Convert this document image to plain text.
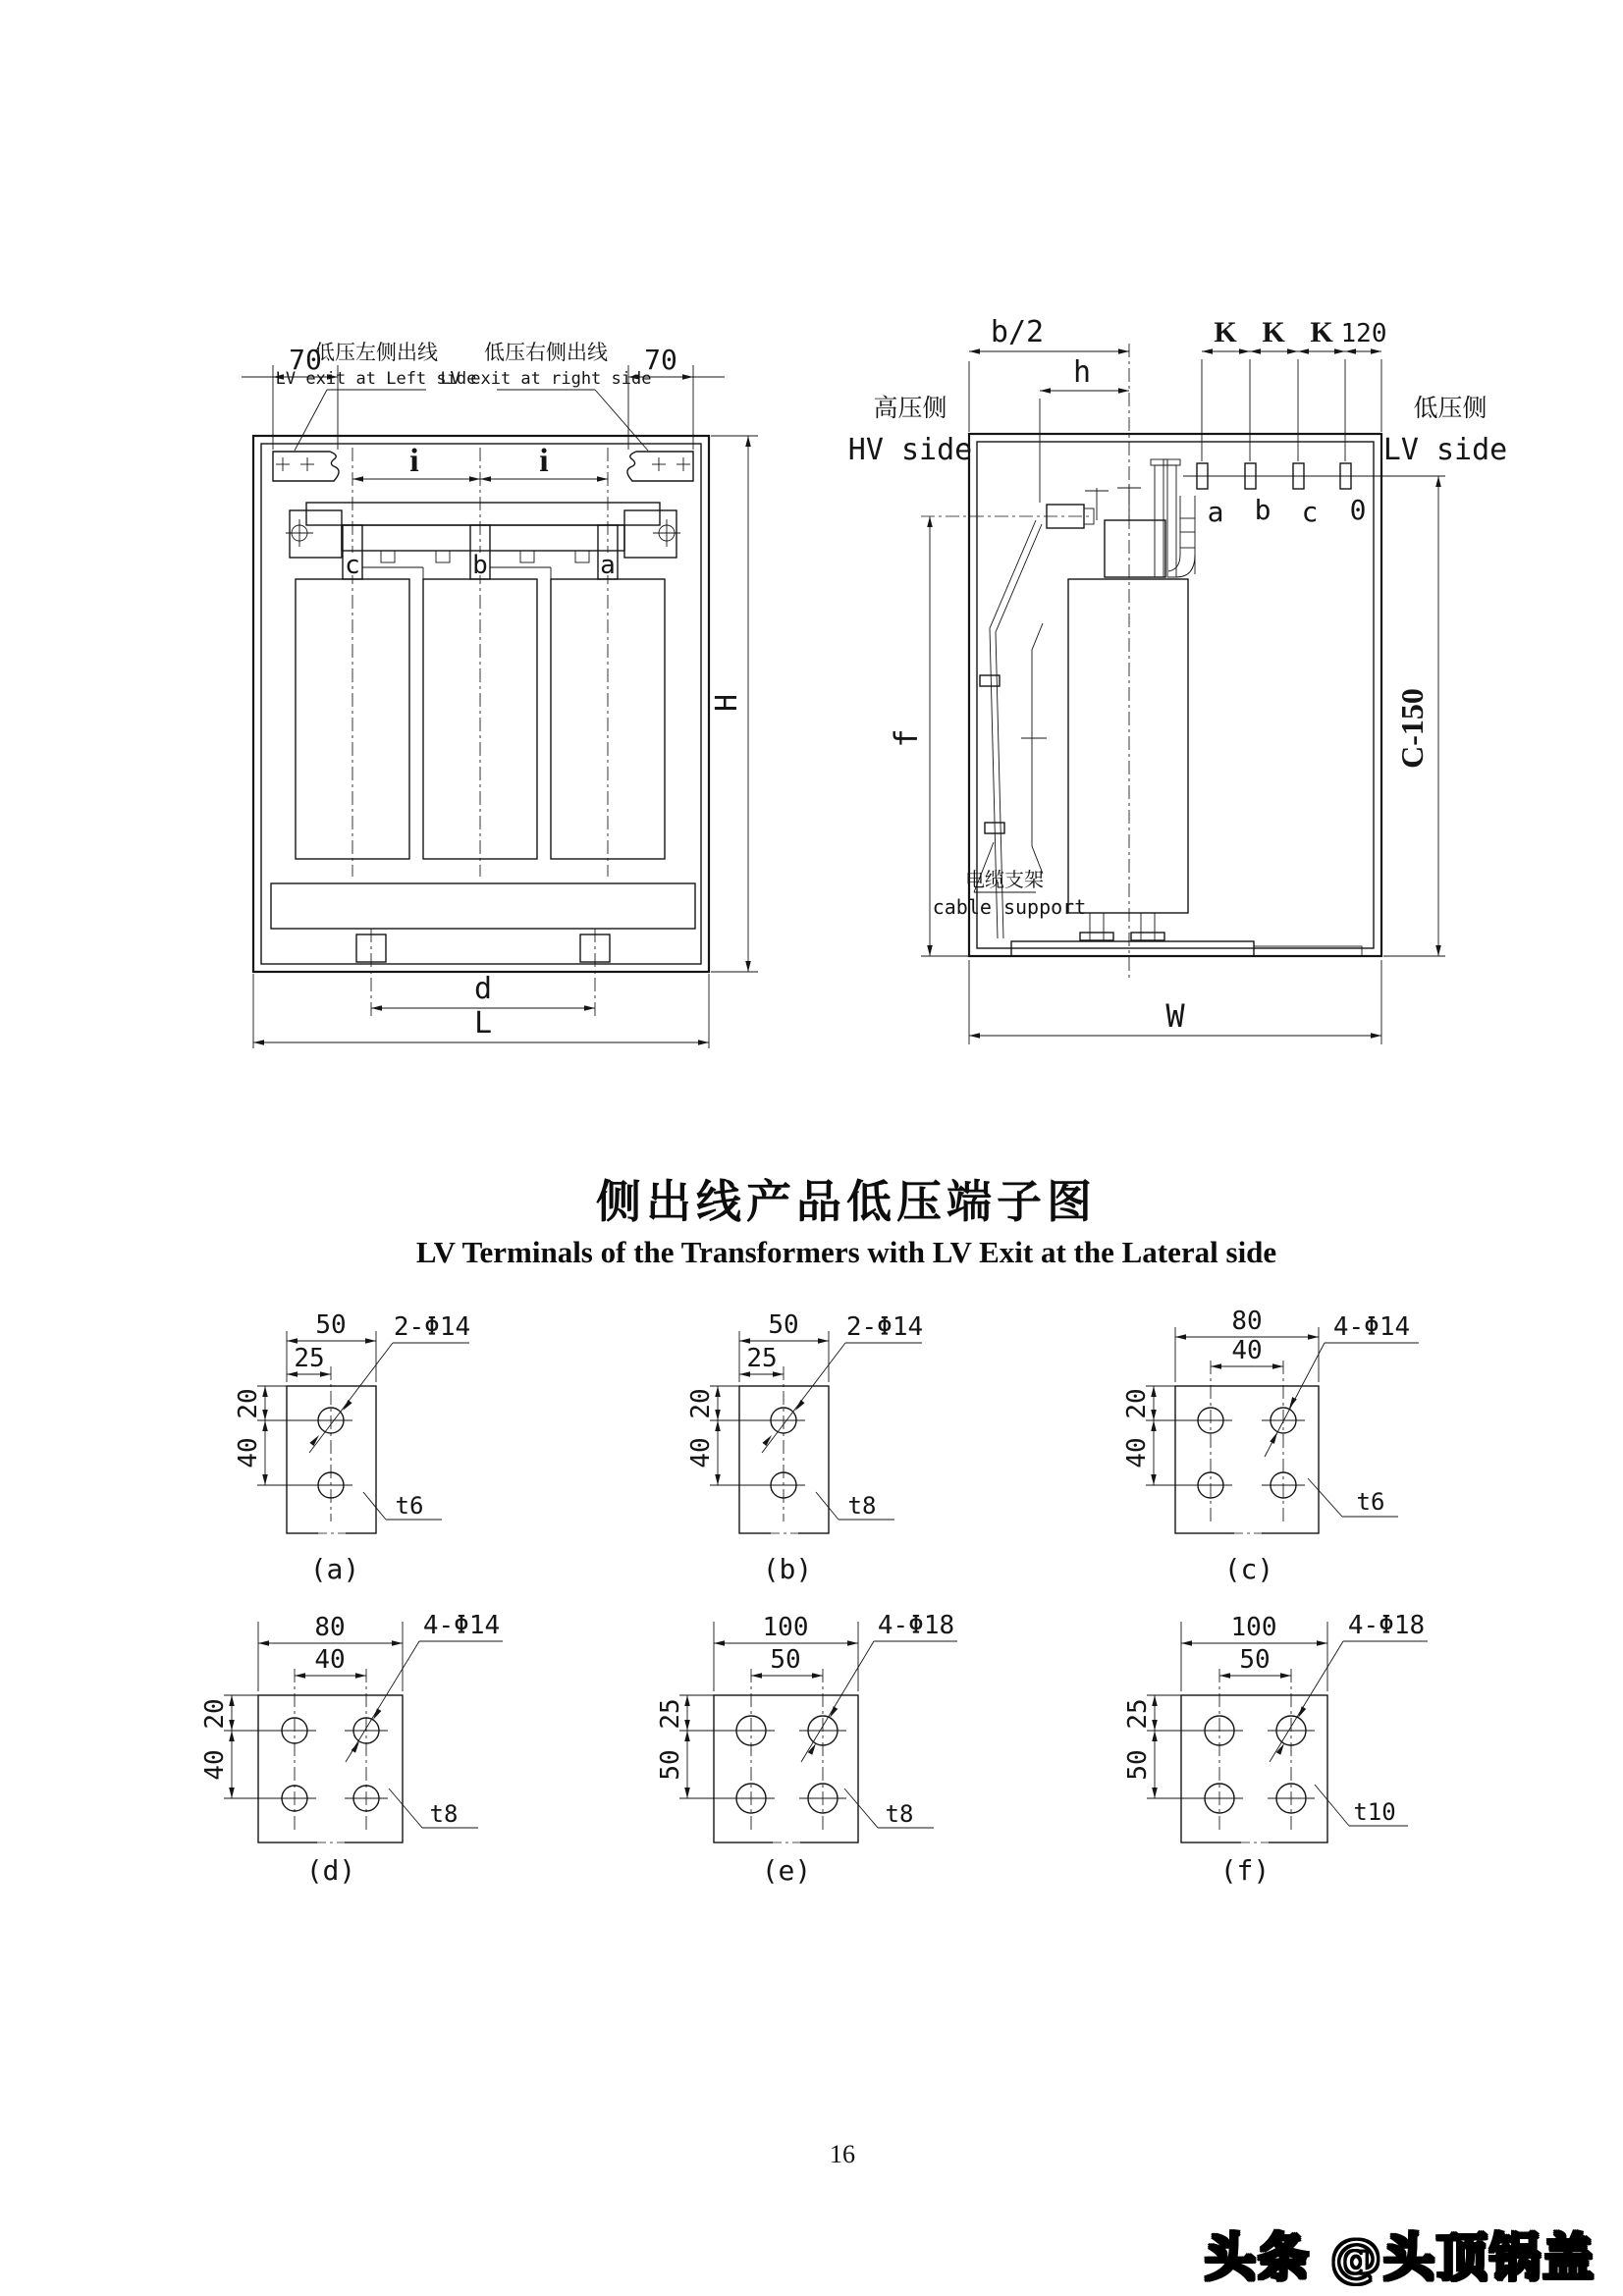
70	70
低压左侧出线
LV exit at Left side
低压右侧出线
LV exit at right side
i	i
c	b	a
d
L
H
b/2
h
K K K 120
a b c 0
高压侧
HV side
低压侧
LV side
C-150
f
W
电缆支架
cable support
50
25
20
40
2-Φ14
t6
(a)
50
25
20
40
2-Φ14
t8
(b)
80
40
20
40
4-Φ14
t6
(c)
80
40
20
40
4-Φ14
t8
(d)
100
50
25
50
4-Φ18
t8
(e)
100
50
25
50
4-Φ18
t10
(f)
侧出线产品低压端子图
LV Terminals of the Transformers with LV Exit at the Lateral side
16
头条 @头顶锅盖
